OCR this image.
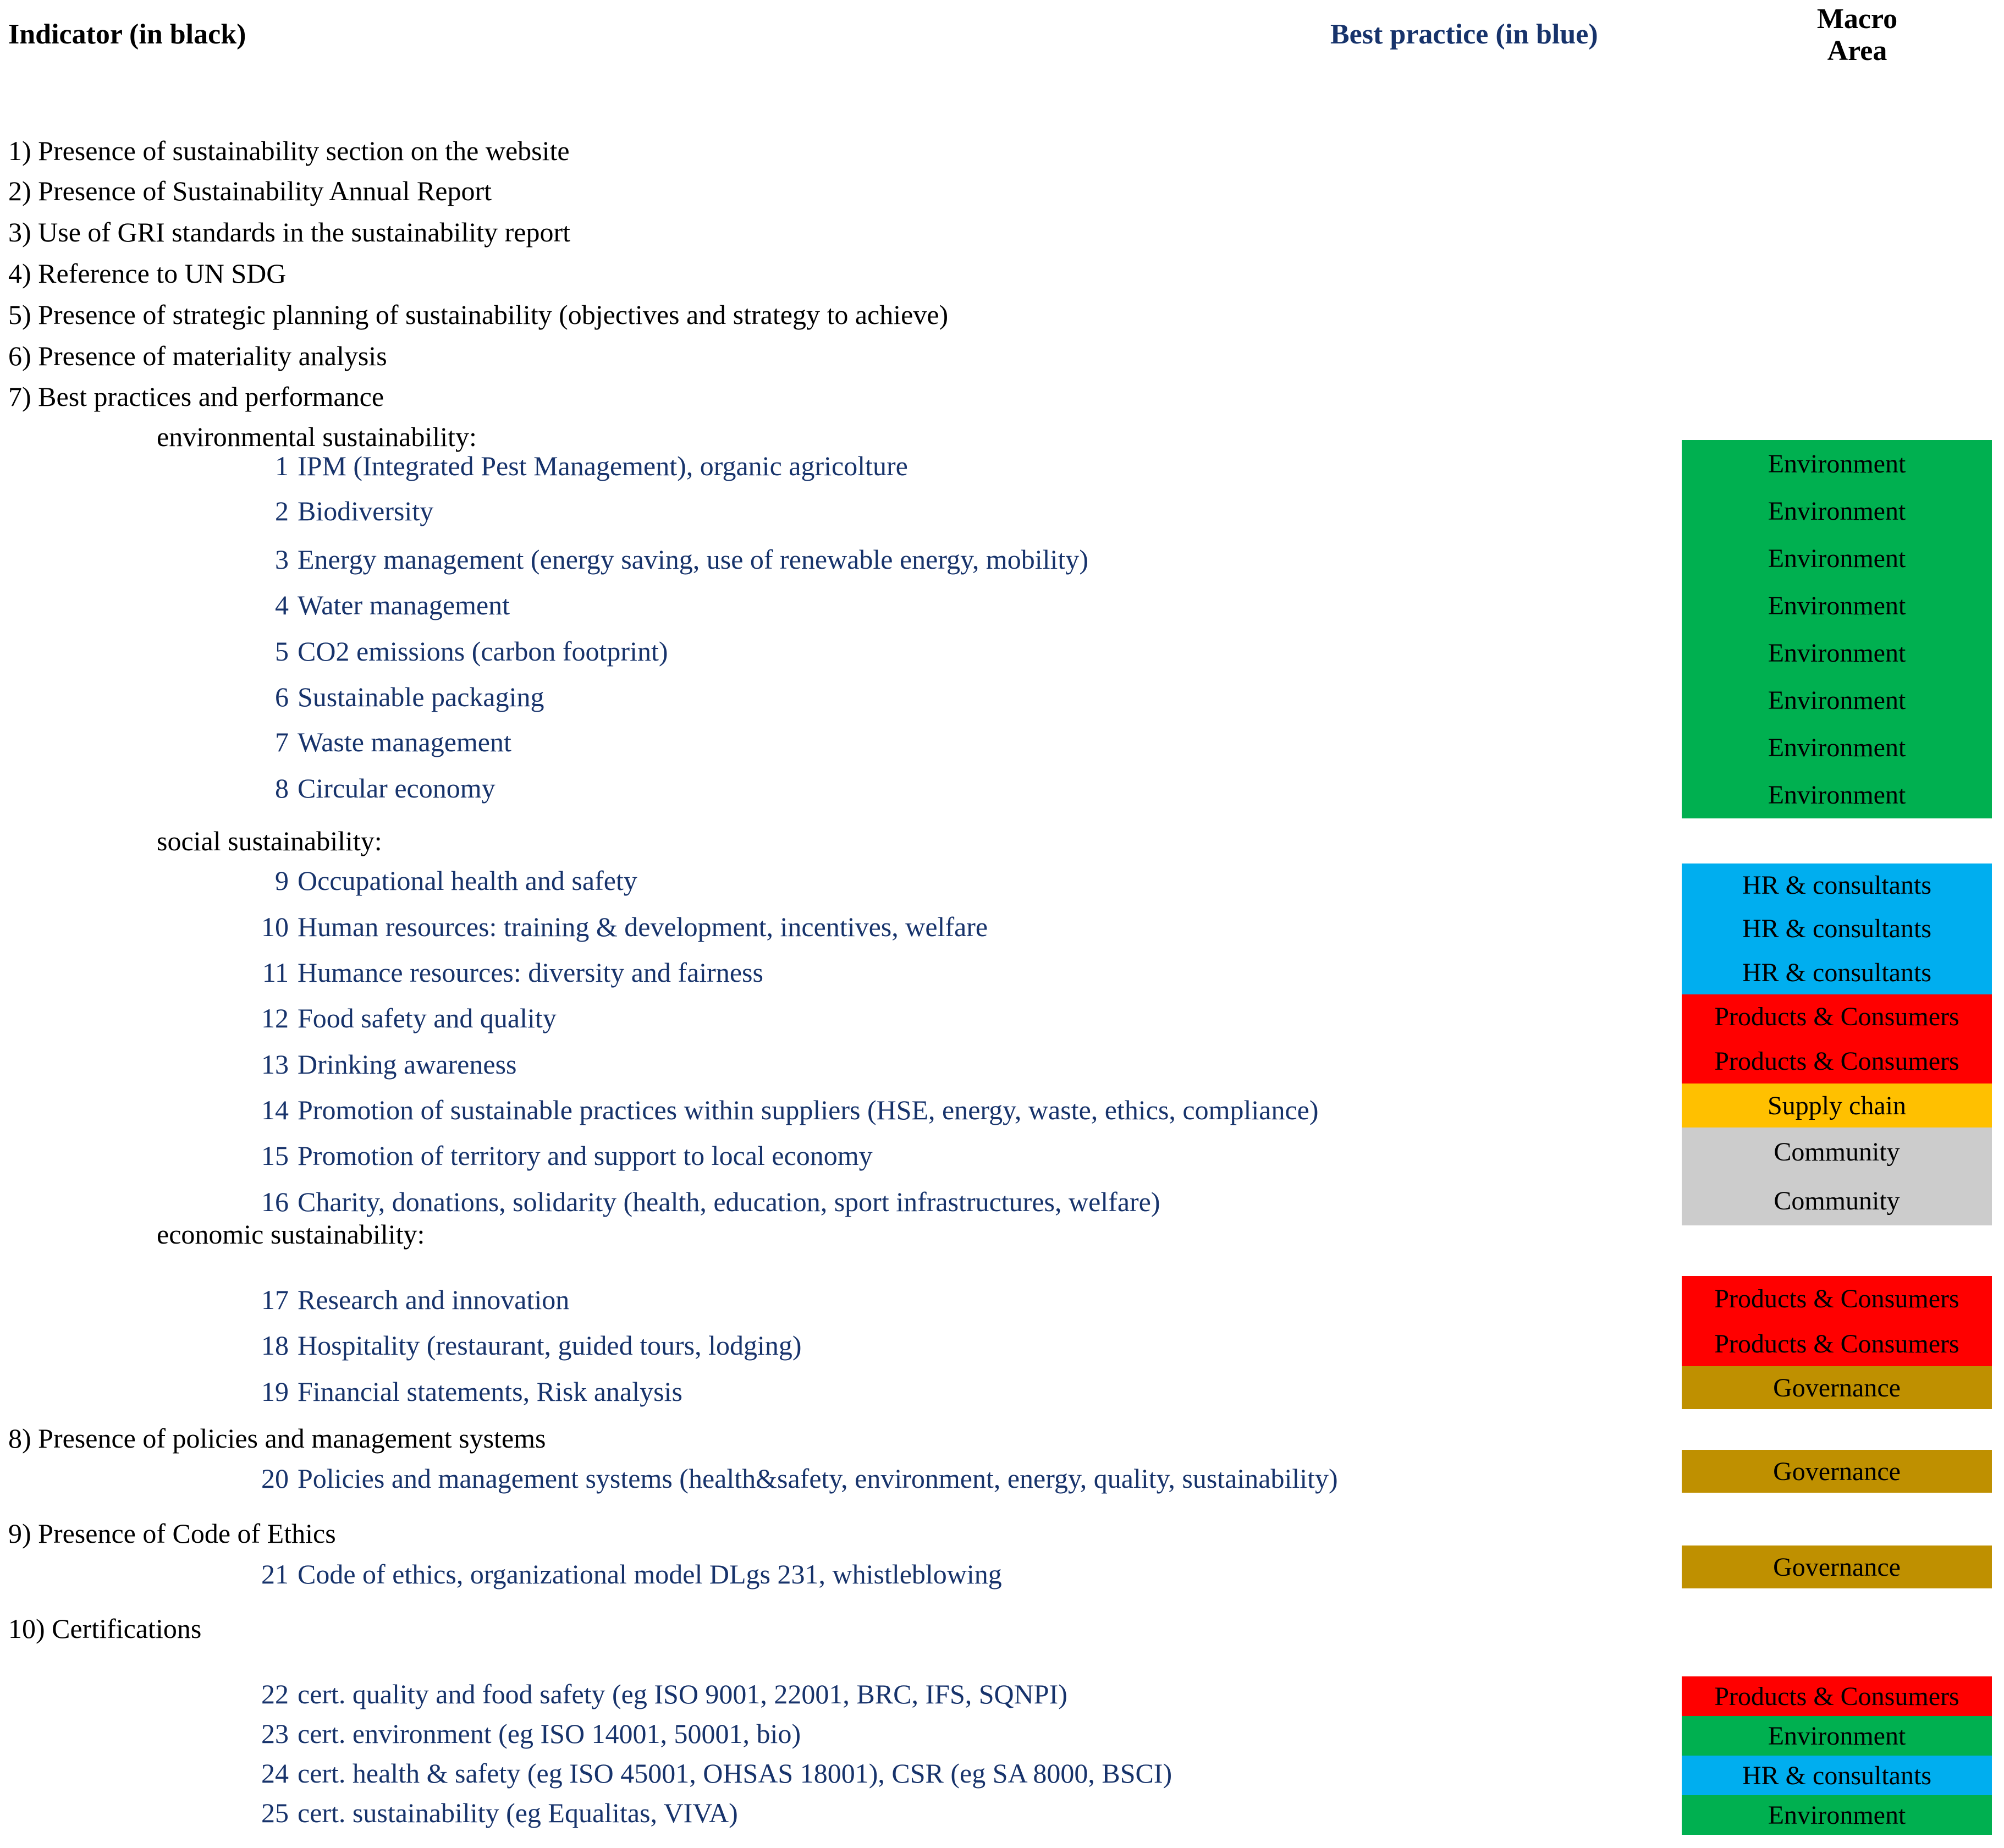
Indicator (in black)	Best practice (in blue)	Macro
Area
1) Presence of sustainability section on the website
2) Presence of Sustainability Annual Report
3) Use of GRI standards in the sustainability report
4) Reference to UN SDG
5) Presence of strategic planning of sustainability (objectives and strategy to achieve)
6) Presence of materiality analysis
7) Best practices and performance
8) Presence of policies and management systems
9) Presence of Code of Ethics
10) Certifications
environmental sustainability:
social sustainability:
economic sustainability:
Environment
Environment
Environment
Environment
Environment
Environment
Environment
Environment
HR & consultants
HR & consultants
HR & consultants
Products & Consumers
Products & Consumers
Supply chain
Community
Community
Products & Consumers
Products & Consumers
Governance
Governance
Governance
Products & Consumers
Environment
HR & consultants
Environment
1 IPM (Integrated Pest Management), organic agricolture
2 Biodiversity
3 Energy management (energy saving, use of renewable energy, mobility)
4 Water management
5 CO2 emissions (carbon footprint)
6 Sustainable packaging
7 Waste management
8 Circular economy
9 Occupational health and safety
10 Human resources: training & development, incentives, welfare
11 Humance resources: diversity and fairness
12 Food safety and quality
13 Drinking awareness
14 Promotion of sustainable practices within suppliers (HSE, energy, waste, ethics, compliance)
15 Promotion of territory and support to local economy
16 Charity, donations, solidarity (health, education, sport infrastructures, welfare)
17 Research and innovation
18 Hospitality (restaurant, guided tours, lodging)
19 Financial statements, Risk analysis
20 Policies and management systems (health&safety, environment, energy, quality, sustainability)
21 Code of ethics, organizational model DLgs 231, whistleblowing
22 cert. quality and food safety (eg ISO 9001, 22001, BRC, IFS, SQNPI)
23 cert. environment (eg ISO 14001, 50001, bio)
24 cert. health & safety (eg ISO 45001, OHSAS 18001), CSR (eg SA 8000, BSCI)
25 cert. sustainability (eg Equalitas, VIVA)
